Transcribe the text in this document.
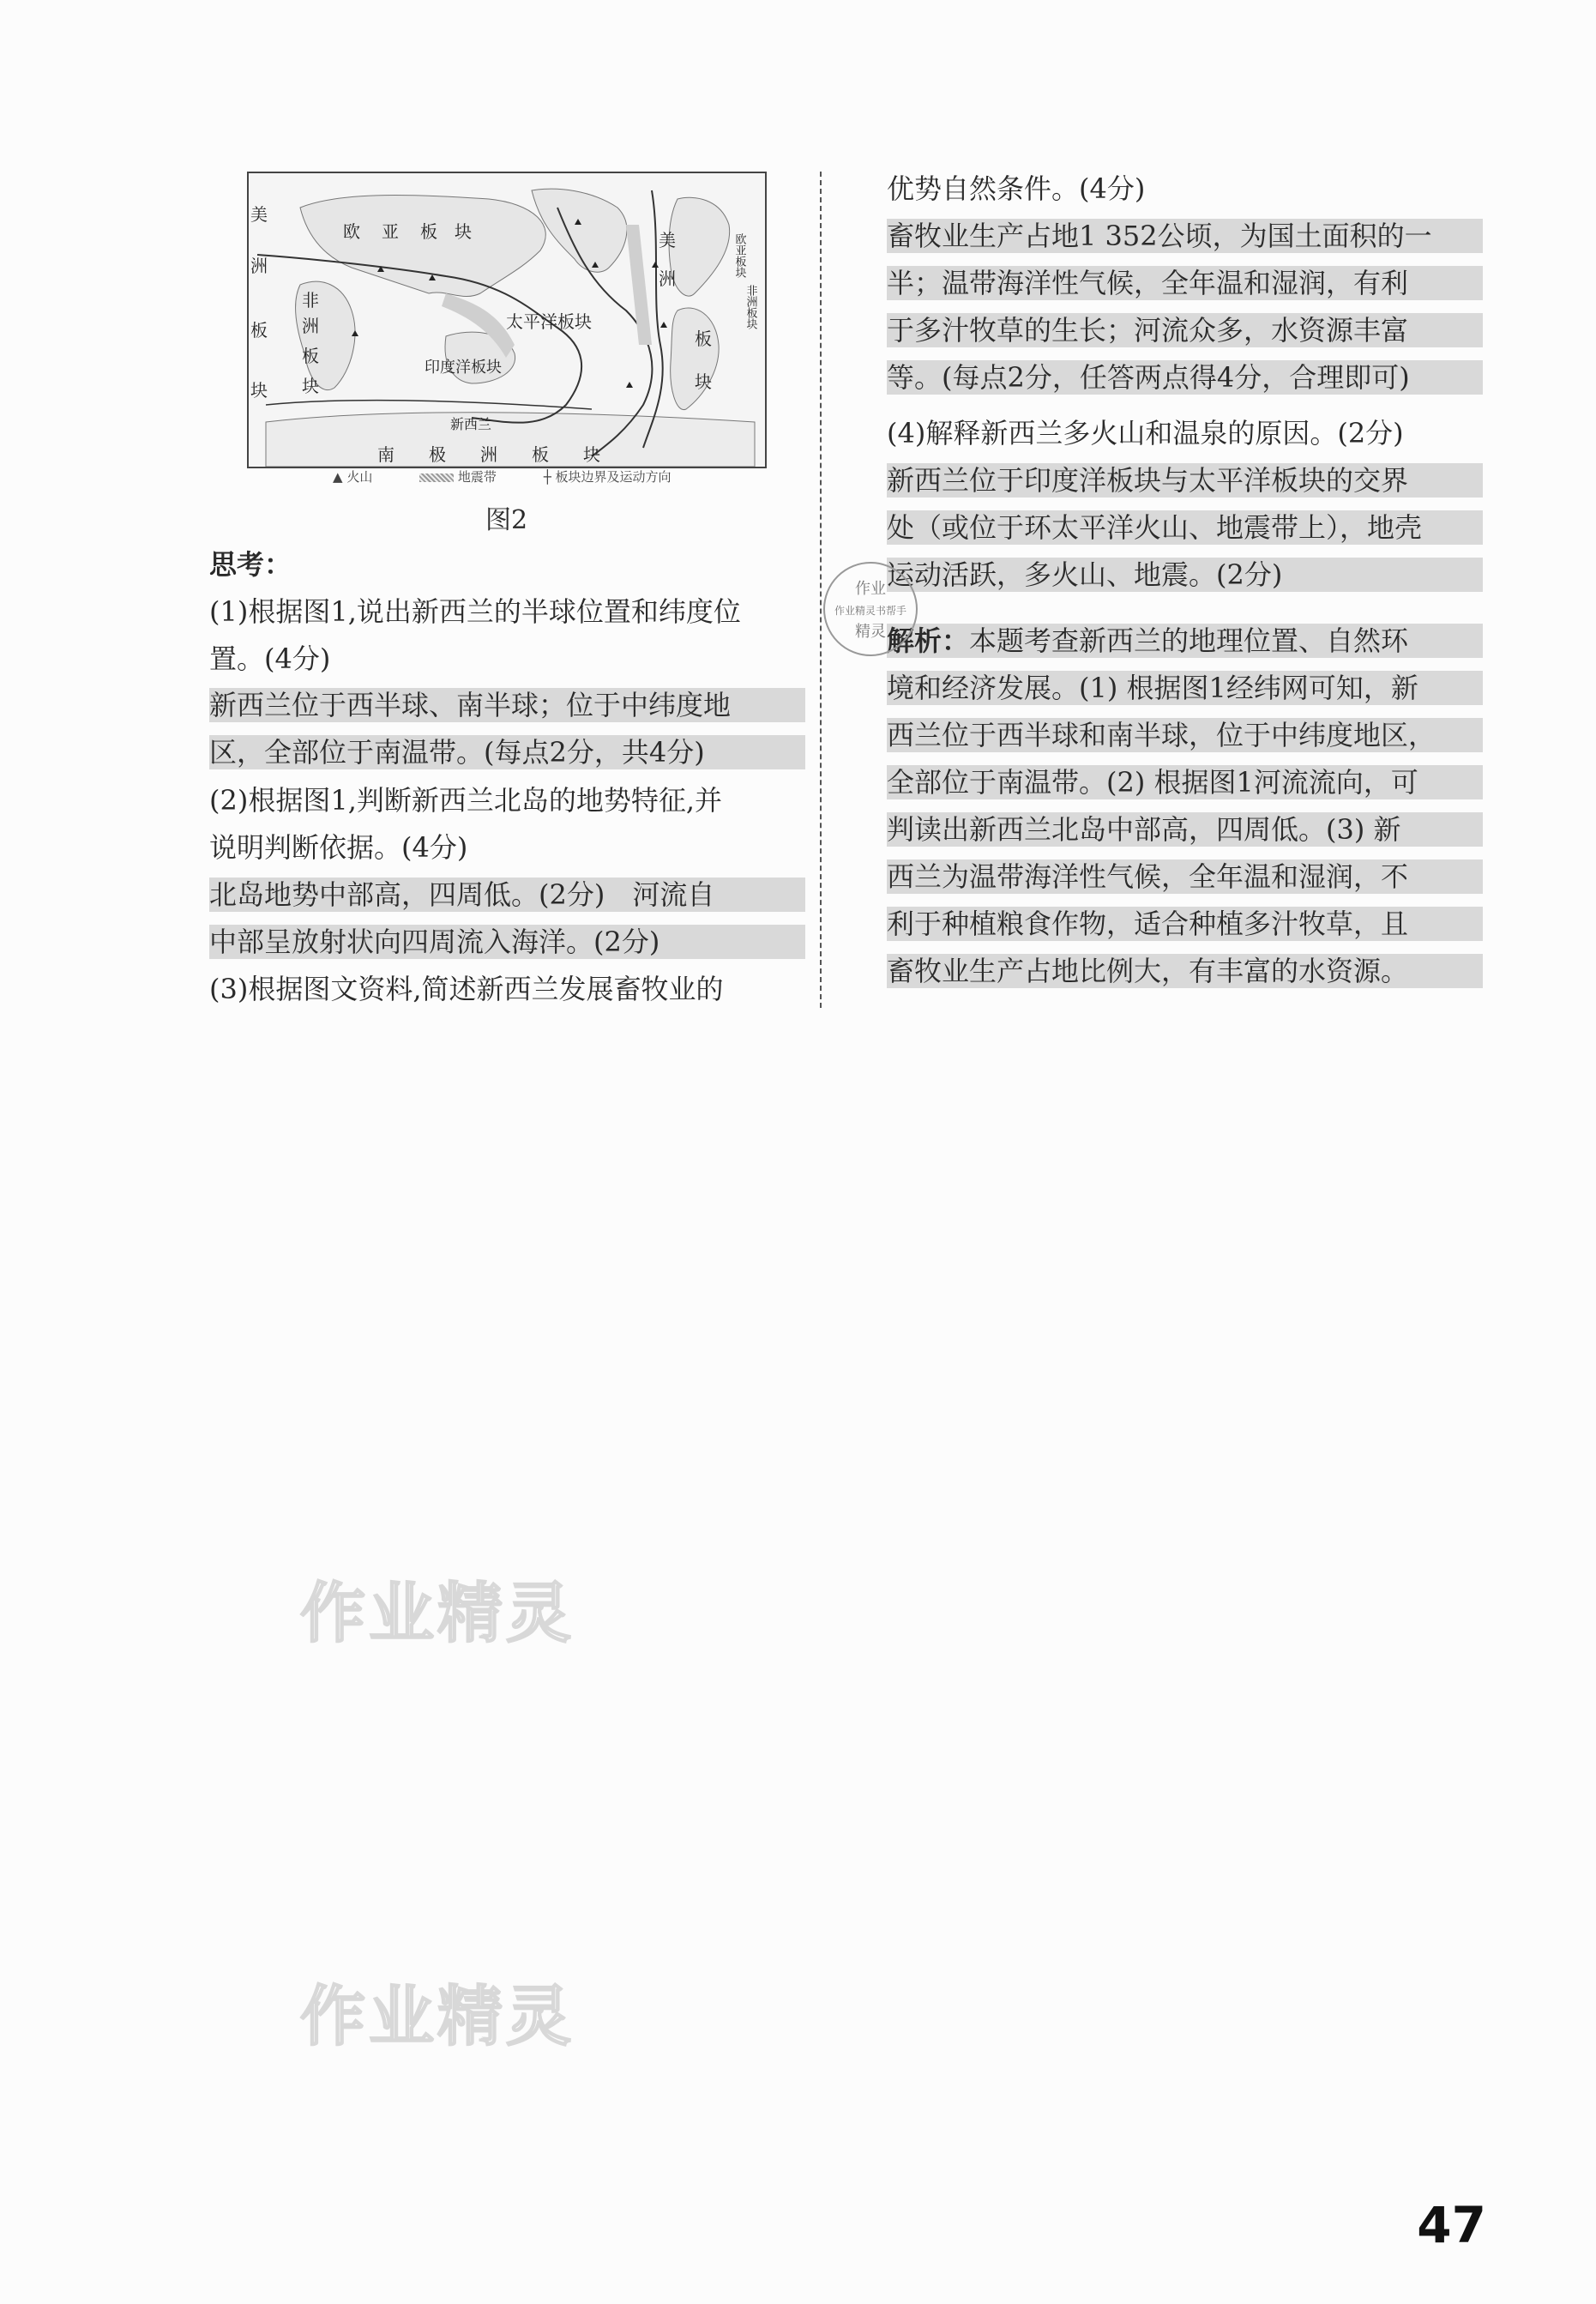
欧 亚 板 块
美
洲
板
块
非
洲
板
块
太平洋板块
印度洋板块
新西兰
南 极 洲 板 块
美
洲
板
块
欧亚板块
非洲板块
▲ 火山	地震带	┼ 板块边界及运动方向
图2
思考：
(1)根据图1,说出新西兰的半球位置和纬度位
置。(4分)
新西兰位于西半球、南半球；位于中纬度地
区，全部位于南温带。(每点2分，共4分)
(2)根据图1,判断新西兰北岛的地势特征,并
说明判断依据。(4分)
北岛地势中部高，四周低。(2分)　河流自
中部呈放射状向四周流入海洋。(2分)
(3)根据图文资料,简述新西兰发展畜牧业的
优势自然条件。(4分)
畜牧业生产占地1 352公顷，为国土面积的一
半；温带海洋性气候，全年温和湿润，有利
于多汁牧草的生长；河流众多，水资源丰富
等。(每点2分，任答两点得4分，合理即可)
(4)解释新西兰多火山和温泉的原因。(2分)
新西兰位于印度洋板块与太平洋板块的交界
处（或位于环太平洋火山、地震带上），地壳
运动活跃，多火山、地震。(2分)
解析：本题考查新西兰的地理位置、自然环
境和经济发展。(1) 根据图1经纬网可知，新
西兰位于西半球和南半球，位于中纬度地区，
全部位于南温带。(2) 根据图1河流流向，可
判读出新西兰北岛中部高，四周低。(3) 新
西兰为温带海洋性气候，全年温和湿润，不
利于种植粮食作物，适合种植多汁牧草，且
畜牧业生产占地比例大，有丰富的水资源。
作业
作业精灵书帮手
精灵
作业精灵
作业精灵
47
